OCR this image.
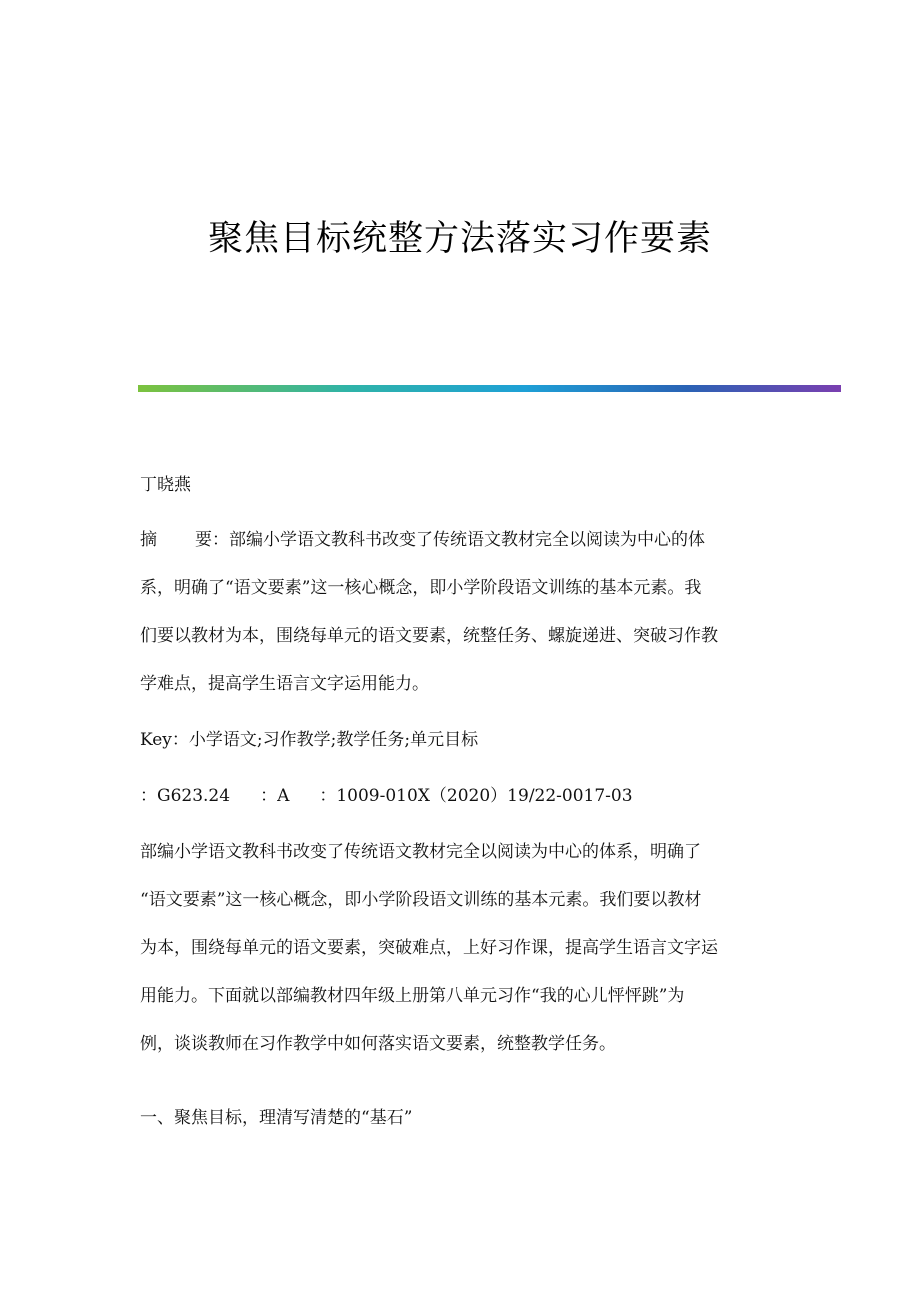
聚焦目标统整方法落实习作要素
丁晓燕
摘 要：部编小学语文教科书改变了传统语文教材完全以阅读为中心的体
系，明确了“语文要素”这一核心概念，即小学阶段语文训练的基本元素。我
们要以教材为本，围绕每单元的语文要素，统整任务、螺旋递进、突破习作教
学难点，提高学生语言文字运用能力。
Key：小学语文;习作教学;教学任务;单元目标
：G623.24 ：A ：1009-010X（2020）19/22-0017-03
部编小学语文教科书改变了传统语文教材完全以阅读为中心的体系，明确了
“语文要素”这一核心概念，即小学阶段语文训练的基本元素。我们要以教材
为本，围绕每单元的语文要素，突破难点，上好习作课，提高学生语言文字运
用能力。下面就以部编教材四年级上册第八单元习作“我的心儿怦怦跳”为
例，谈谈教师在习作教学中如何落实语文要素，统整教学任务。
一、聚焦目标，理清写清楚的“基石”
